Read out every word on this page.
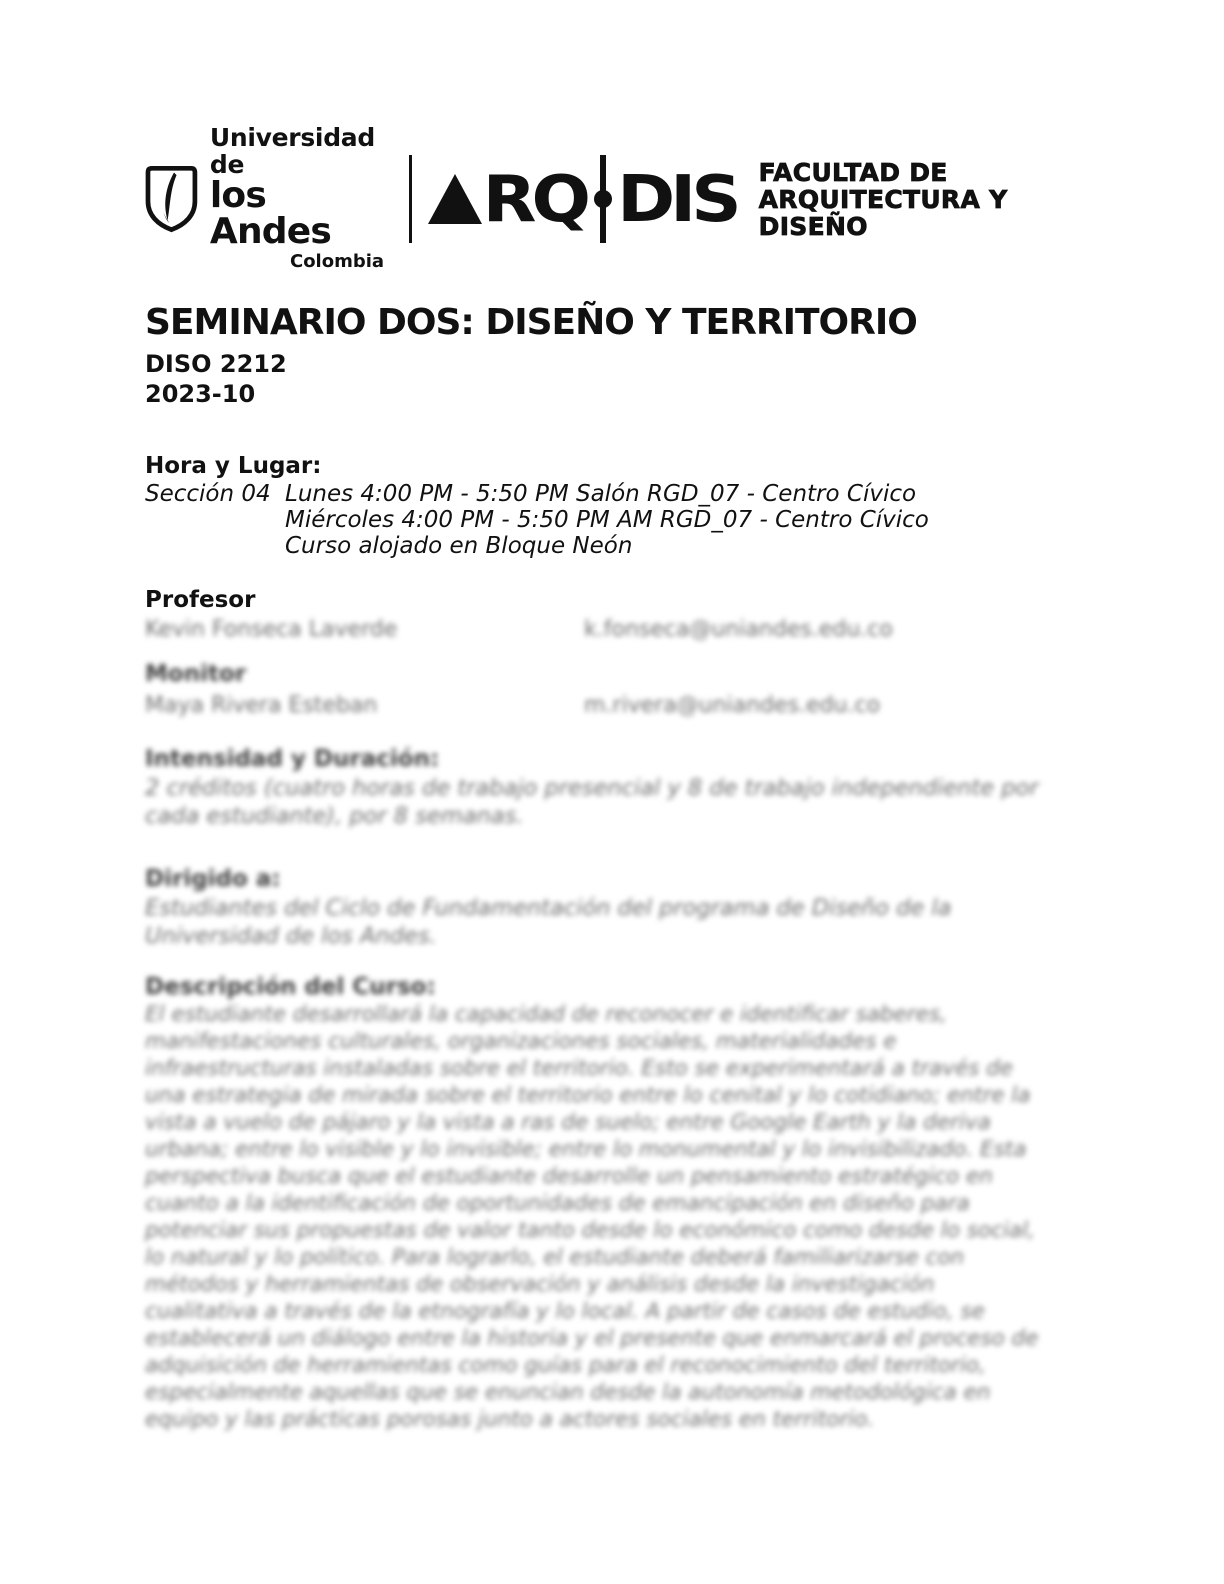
Universidad de
los Andes
Colombia
RQ DIS FACULTAD DE
ARQUITECTURA Y DISEÑO
SEMINARIO DOS: DISEÑO Y TERRITORIO
DISO 2212
2023-10
Hora y Lugar:
Sección 04 Lunes 4:00 PM - 5:50 PM Salón RGD_07 - Centro Cívico
Miércoles 4:00 PM - 5:50 PM AM RGD_07 - Centro Cívico
Curso alojado en Bloque Neón
Profesor
Kevin Fonseca Laverde	k.fonseca@uniandes.edu.co
Monitor
Maya Rivera Esteban	m.rivera@uniandes.edu.co
Intensidad y Duración:

2 créditos (cuatro horas de trabajo presencial y 8 de trabajo independiente por cada estudiante), por 8 semanas.

Dirigido a:

Estudiantes del Ciclo de Fundamentación del programa de Diseño de la Universidad de los Andes.

Descripción del Curso:

El estudiante desarrollará la capacidad de reconocer e identificar saberes, manifestaciones culturales, organizaciones sociales, materialidades e infraestructuras instaladas sobre el territorio. Esto se experimentará a través de una estrategia de mirada sobre el territorio entre lo cenital y lo cotidiano; entre la vista a vuelo de pájaro y la vista a ras de suelo; entre Google Earth y la deriva urbana; entre lo visible y lo invisible; entre lo monumental y lo invisibilizado. Esta perspectiva busca que el estudiante desarrolle un pensamiento estratégico en cuanto a la identificación de oportunidades de emancipación en diseño para potenciar sus propuestas de valor tanto desde lo económico como desde lo social, lo natural y lo político. Para lograrlo, el estudiante deberá familiarizarse con métodos y herramientas de observación y análisis desde la investigación cualitativa a través de la etnografía y lo local. A partir de casos de estudio, se establecerá un diálogo entre la historia y el presente que enmarcará el proceso de adquisición de herramientas como guías para el reconocimiento del territorio, especialmente aquellas que se enuncian desde la autonomía metodológica en equipo y las prácticas porosas junto a actores sociales en territorio.
